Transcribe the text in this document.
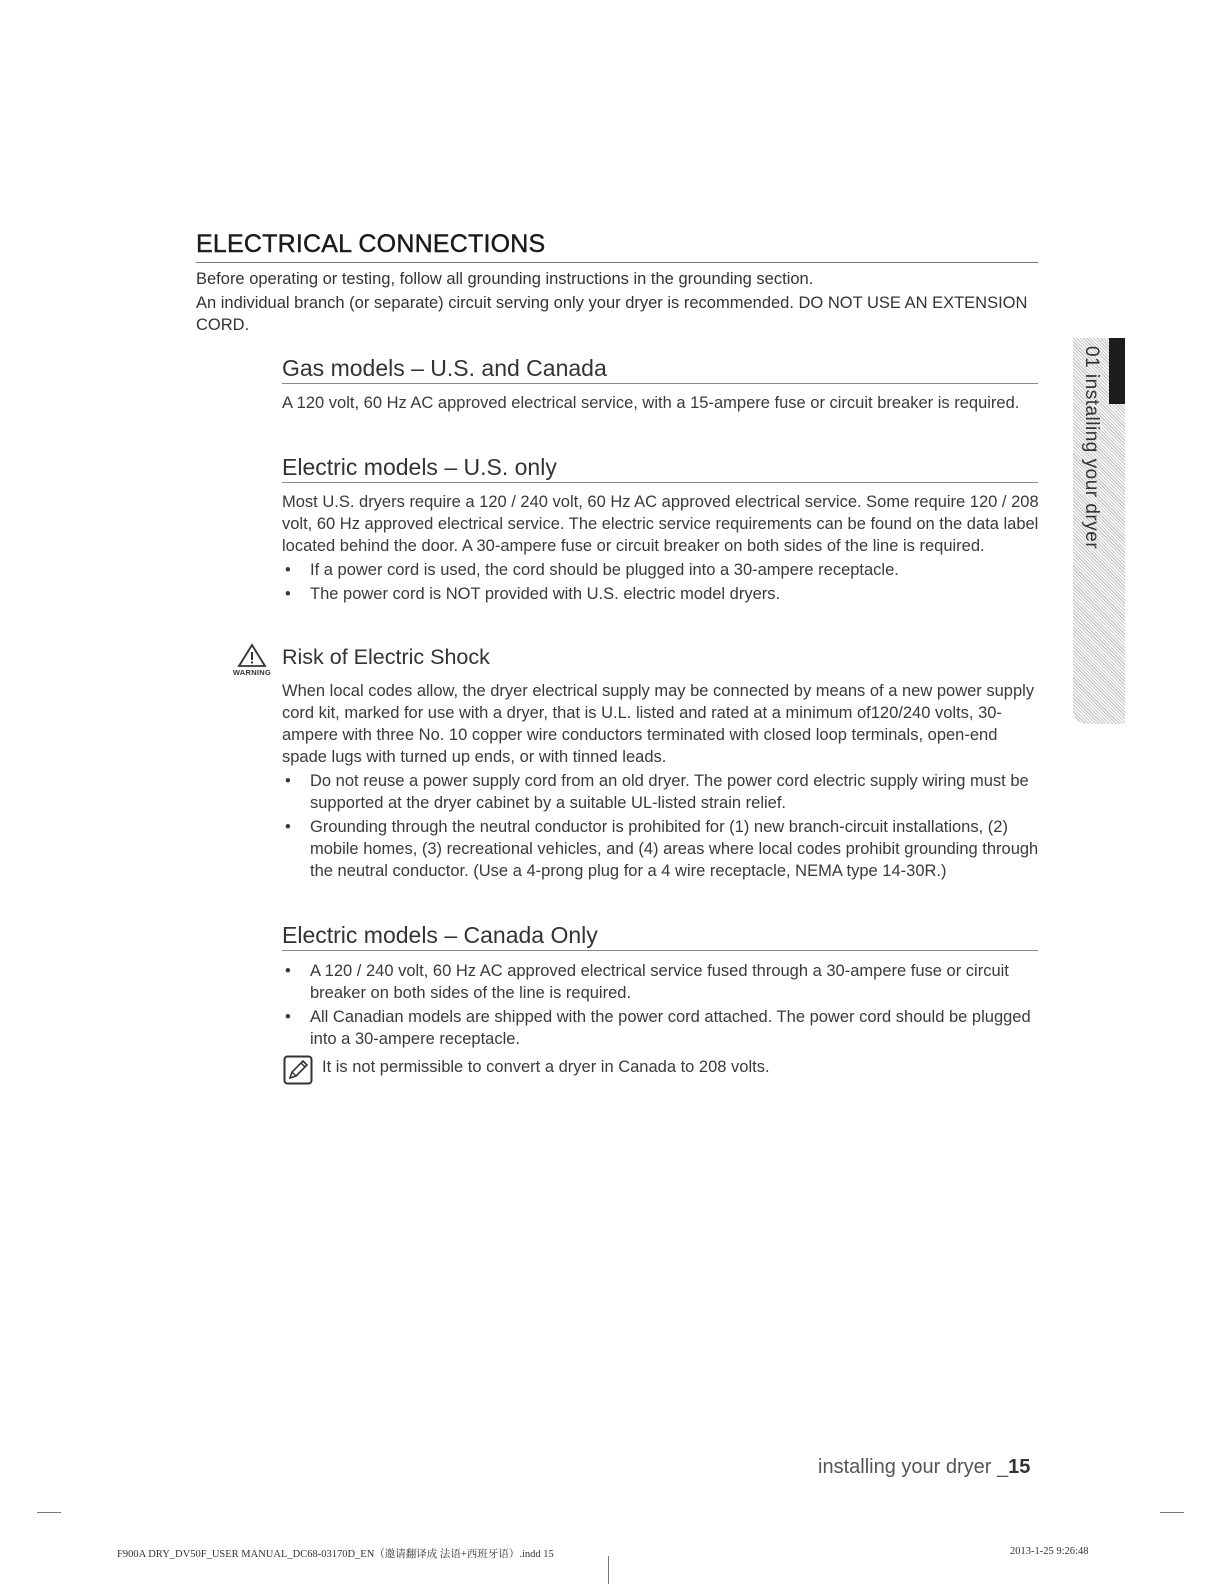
ELECTRICAL CONNECTIONS

Before operating or testing, follow all grounding instructions in the grounding section.

An individual branch (or separate) circuit serving only your dryer is recommended. DO NOT USE AN EXTENSION CORD.

Gas models – U.S. and Canada

A 120 volt, 60 Hz AC approved electrical service, with a 15-ampere fuse or circuit breaker is required.

Electric models – U.S. only

Most U.S. dryers require a 120 / 240 volt, 60 Hz AC approved electrical service. Some require 120 / 208 volt, 60 Hz approved electrical service. The electric service requirements can be found on the data label located behind the door. A 30-ampere fuse or circuit breaker on both sides of the line is required.

• If a power cord is used, the cord should be plugged into a 30-ampere receptacle.
• The power cord is NOT provided with U.S. electric model dryers.
WARNING
Risk of Electric Shock

When local codes allow, the dryer electrical supply may be connected by means of a new power supply cord kit, marked for use with a dryer, that is U.L. listed and rated at a minimum of120/240 volts, 30-ampere with three No. 10 copper wire conductors terminated with closed loop terminals, open-end spade lugs with turned up ends, or with tinned leads.

• Do not reuse a power supply cord from an old dryer. The power cord electric supply wiring must be supported at the dryer cabinet by a suitable UL-listed strain relief.
• Grounding through the neutral conductor is prohibited for (1) new branch-circuit installations, (2) mobile homes, (3) recreational vehicles, and (4) areas where local codes prohibit grounding through the neutral conductor. (Use a 4-prong plug for a 4 wire receptacle, NEMA type 14-30R.)
Electric models – Canada Only
• A 120 / 240 volt, 60 Hz AC approved electrical service fused through a 30-ampere fuse or circuit breaker on both sides of the line is required.
• All Canadian models are shipped with the power cord attached. The power cord should be plugged into a 30-ampere receptacle.
It is not permissible to convert a dryer in Canada to 208 volts.
01 installing your dryer
installing your dryer _15
F900A DRY_DV50F_USER MANUAL_DC68-03170D_EN（邀请翻译成 法语+西班牙语）.indd 15	2013-1-25 9:26:48
